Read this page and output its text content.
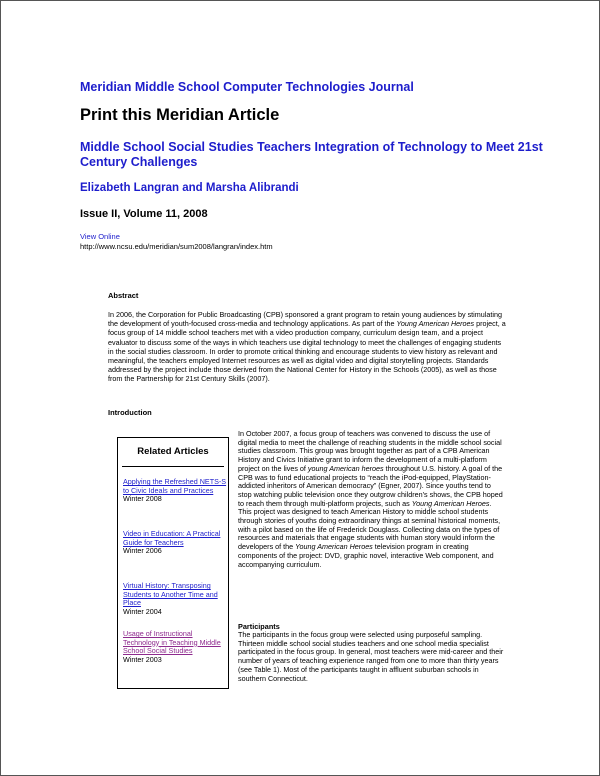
Meridian Middle School Computer Technologies Journal
Print this Meridian Article
Middle School Social Studies Teachers Integration of Technology to Meet 21st Century Challenges
Elizabeth Langran and Marsha Alibrandi
Issue II, Volume 11, 2008
View Online
http://www.ncsu.edu/meridian/sum2008/langran/index.htm
Abstract
In 2006, the Corporation for Public Broadcasting (CPB) sponsored a grant program to retain young audiences by stimulating the development of youth-focused cross-media and technology applications. As part of the Young American Heroes project, a focus group of 14 middle school teachers met with a video production company, curriculum design team, and a project evaluator to discuss some of the ways in which teachers use digital technology to meet the challenges of engaging students in the social studies classroom. In order to promote critical thinking and encourage students to view history as relevant and meaningful, the teachers employed Internet resources as well as digital video and digital storytelling projects. Standards addressed by the project include those derived from the National Center for History in the Schools (2005), as well as those from the Partnership for 21st Century Skills (2007).
Introduction
Related Articles
Applying the Refreshed NETS-S to Civic Ideals and Practices
Winter 2008
Video in Education: A Practical Guide for Teachers
Winter 2006
Virtual History: Transposing Students to Another Time and Place
Winter 2004
Usage of Instructional Technology in Teaching Middle School Social Studies
Winter 2003
In October 2007, a focus group of teachers was convened to discuss the use of digital media to meet the challenge of reaching students in the middle school social studies classroom. This group was brought together as part of a CPB American History and Civics Initiative grant to inform the development of a multi-platform project on the lives of young American heroes throughout U.S. history. A goal of the CPB was to fund educational projects to “reach the iPod-equipped, PlayStation-addicted inheritors of American democracy” (Egner, 2007). Since youths tend to stop watching public television once they outgrow children’s shows, the CPB hoped to reach them through multi-platform projects, such as Young American Heroes. This project was designed to teach American History to middle school students through stories of youths doing extraordinary things at seminal historical moments, with a pilot based on the life of Frederick Douglass. Collecting data on the types of resources and materials that engage students with human story would inform the developers of the Young American Heroes television program in creating components of the project: DVD, graphic novel, interactive Web component, and accompanying curriculum.
Participants
The participants in the focus group were selected using purposeful sampling. Thirteen middle school social studies teachers and one school media specialist participated in the focus group. In general, most teachers were mid-career and their number of years of teaching experience ranged from one to more than thirty years (see Table 1). Most of the participants taught in affluent suburban schools in southern Connecticut.
